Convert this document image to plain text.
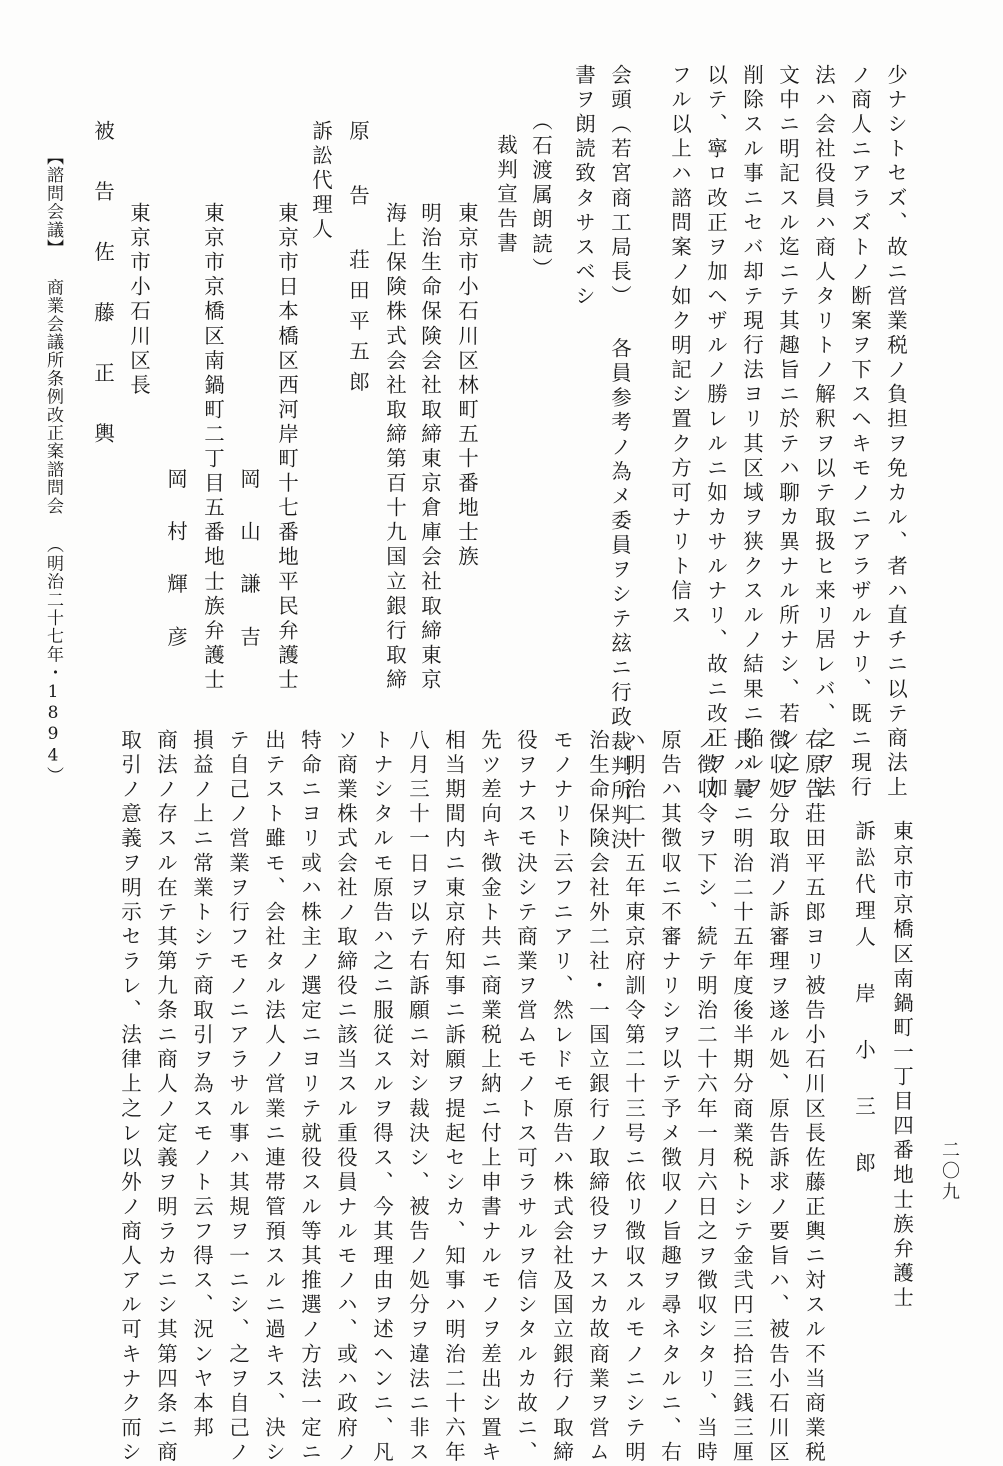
少ナシトセズ、故ニ営業税ノ負担ヲ免カル、者ハ直チニ以テ商法上
ノ商人ニアラズトノ断案ヲ下スヘキモノニアラザルナリ、既ニ現行
法ハ会社役員ハ商人タリトノ解釈ヲ以テ取扱ヒ来リ居レバ、之ヲ法
文中ニ明記スル迄ニテ其趣旨ニ於テハ聊カ異ナル所ナシ、若シ之ヲ
削除スル事ニセバ却テ現行法ヨリ其区域ヲ狭クスルノ結果ニ陥ルヲ
以テ、寧ロ改正ヲ加ヘザルノ勝レルニ如カサルナリ、故ニ改正ヲ加
フル以上ハ諮問案ノ如ク明記シ置ク方可ナリト信ス
会頭（若宮商工局長） 各員参考ノ為メ委員ヲシテ玆ニ行政裁判所判決
書ヲ朗読致タサスベシ
（石渡属朗読）
裁判宣告書
東京市小石川区林町五十番地士族
明治生命保険会社取締東京倉庫会社取締東京
海上保険株式会社取締第百十九国立銀行取締
原 告 荘田平五郎
訴訟代理人
東京市日本橋区西河岸町十七番地平民弁護士
岡 山 謙 吉
東京市京橋区南鍋町二丁目五番地士族弁護士
岡 村 輝 彦
東京市小石川区長
被 告 佐 藤 正 輿
【諮問会議】 商業会議所条例改正案諮問会 （明治二十七年・1894）
東京市京橋区南鍋町一丁目四番地士族弁護士
訴訟代理人 岸 小 三 郎
右原告荘田平五郎ヨリ被告小石川区長佐藤正輿ニ対スル不当商業税
徴収処分取消ノ訴審理ヲ遂ル処、原告訴求ノ要旨ハ、被告小石川区
長ハ曩ニ明治二十五年度後半期分商業税トシテ金弐円三拾三銭三厘
ノ徴収令ヲ下シ、続テ明治二十六年一月六日之ヲ徴収シタリ、当時
原告ハ其徴収ニ不審ナリシヲ以テ予メ徴収ノ旨趣ヲ尋ネタルニ、右
ハ明治二十五年東京府訓令第二十三号ニ依リ徴収スルモノニシテ明
治生命保険会社外二社・一国立銀行ノ取締役ヲナスカ故商業ヲ営ム
モノナリト云フニアリ、然レドモ原告ハ株式会社及国立銀行ノ取締
役ヲナスモ決シテ商業ヲ営ムモノトス可ラサルヲ信シタルカ故ニ、
先ツ差向キ徴金ト共ニ商業税上納ニ付上申書ナルモノヲ差出シ置キ
相当期間内ニ東京府知事ニ訴願ヲ提起セシカ、知事ハ明治二十六年
八月三十一日ヲ以テ右訴願ニ対シ裁決シ、被告ノ処分ヲ違法ニ非ス
トナシタルモ原告ハ之ニ服従スルヲ得ス、今其理由ヲ述ヘンニ、凡
ソ商業株式会社ノ取締役ニ該当スル重役員ナルモノハ、或ハ政府ノ
特命ニヨリ或ハ株主ノ選定ニヨリテ就役スル等其推選ノ方法一定ニ
出テスト雖モ、会社タル法人ノ営業ニ連帯管預スルニ過キス、決シ
テ自己ノ営業ヲ行フモノニアラサル事ハ其規ヲ一ニシ、之ヲ自己ノ
損益ノ上ニ常業トシテ商取引ヲ為スモノト云フ得ス、況ンヤ本邦
商法ノ存スル在テ其第九条ニ商人ノ定義ヲ明ラカニシ其第四条ニ商
取引ノ意義ヲ明示セラレ、法律上之レ以外ノ商人アル可キナク而シ	二〇九
